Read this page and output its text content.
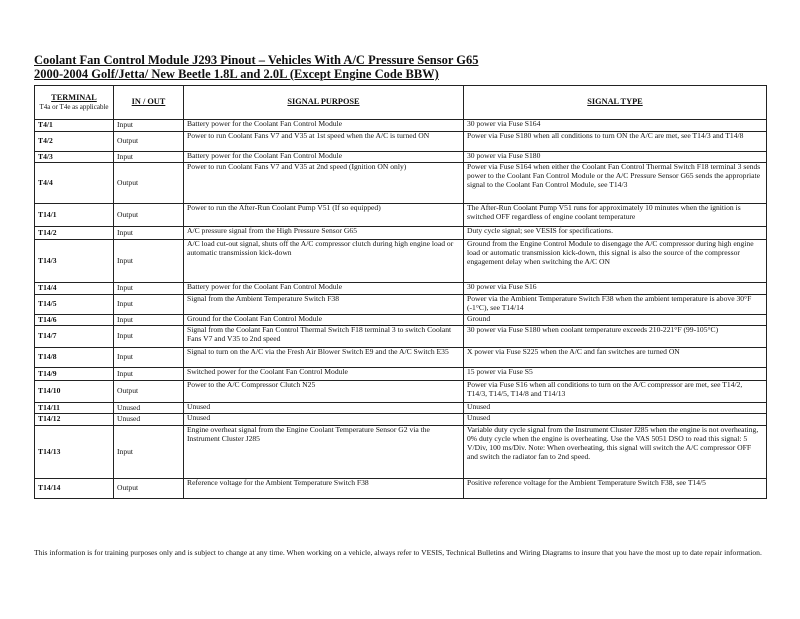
Coolant Fan Control Module J293 Pinout – Vehicles With A/C Pressure Sensor G65
2000-2004 Golf/Jetta/ New Beetle 1.8L and 2.0L (Except Engine Code BBW)
TERMINAL
T4a or T4e as applicable	IN / OUT	SIGNAL PURPOSE	SIGNAL TYPE
T4/1	Input	Battery power for the Coolant Fan Control Module	30 power via Fuse S164
T4/2	Output	Power to run Coolant Fans V7 and V35 at 1st speed when the A/C is turned ON	Power via Fuse S180 when all conditions to turn ON the A/C are met, see T14/3 and T14/8
T4/3	Input	Battery power for the Coolant Fan Control Module	30 power via Fuse S180
T4/4	Output	Power to run Coolant Fans V7 and V35 at 2nd speed (Ignition ON only)	Power via Fuse S164 when either the Coolant Fan Control Thermal Switch F18 terminal 3 sends power to the Coolant Fan Control Module or the A/C Pressure Sensor G65 sends the appropriate signal to the Coolant Fan Control Module, see T14/3
T14/1	Output	Power to run the After-Run Coolant Pump V51 (If so equipped)	The After-Run Coolant Pump V51 runs for approximately 10 minutes when the ignition is switched OFF regardless of engine coolant temperature
T14/2	Input	A/C pressure signal from the High Pressure Sensor G65	Duty cycle signal; see VESIS for specifications.
T14/3	Input	A/C load cut-out signal, shuts off the A/C compressor clutch during high engine load or automatic transmission kick-down	Ground from the Engine Control Module to disengage the A/C compressor during high engine load or automatic transmission kick-down, this signal is also the source of the compressor engagement delay when switching the A/C ON
T14/4	Input	Battery power for the Coolant Fan Control Module	30 power via Fuse S16
T14/5	Input	Signal from the Ambient Temperature Switch F38	Power via the Ambient Temperature Switch F38 when the ambient temperature is above 30°F (-1°C), see T14/14
T14/6	Input	Ground for the Coolant Fan Control Module	Ground
T14/7	Input	Signal from the Coolant Fan Control Thermal Switch F18 terminal 3 to switch Coolant Fans V7 and V35 to 2nd speed	30 power via Fuse S180 when coolant temperature exceeds 210-221°F (99-105°C)
T14/8	Input	Signal to turn on the A/C via the Fresh Air Blower Switch E9 and the A/C Switch E35	X power via Fuse S225 when the A/C and fan switches are turned ON
T14/9	Input	Switched power for the Coolant Fan Control Module	15 power via Fuse S5
T14/10	Output	Power to the A/C Compressor Clutch N25	Power via Fuse S16 when all conditions to turn on the A/C compressor are met, see T14/2, T14/3, T14/5, T14/8 and T14/13
T14/11	Unused	Unused	Unused
T14/12	Unused	Unused	Unused
T14/13	Input	Engine overheat signal from the Engine Coolant Temperature Sensor G2 via the Instrument Cluster J285	Variable duty cycle signal from the Instrument Cluster J285 when the engine is not overheating, 0% duty cycle when the engine is overheating. Use the VAS 5051 DSO to read this signal: 5 V/Div, 100 ms/Div. Note: When overheating, this signal will switch the A/C compressor OFF and switch the radiator fan to 2nd speed.
T14/14	Output	Reference voltage for the Ambient Temperature Switch F38	Positive reference voltage for the Ambient Temperature Switch F38, see T14/5
This information is for training purposes only and is subject to change at any time. When working on a vehicle, always refer to VESIS, Technical Bulletins and Wiring Diagrams to insure that you have the most up to date repair information.
